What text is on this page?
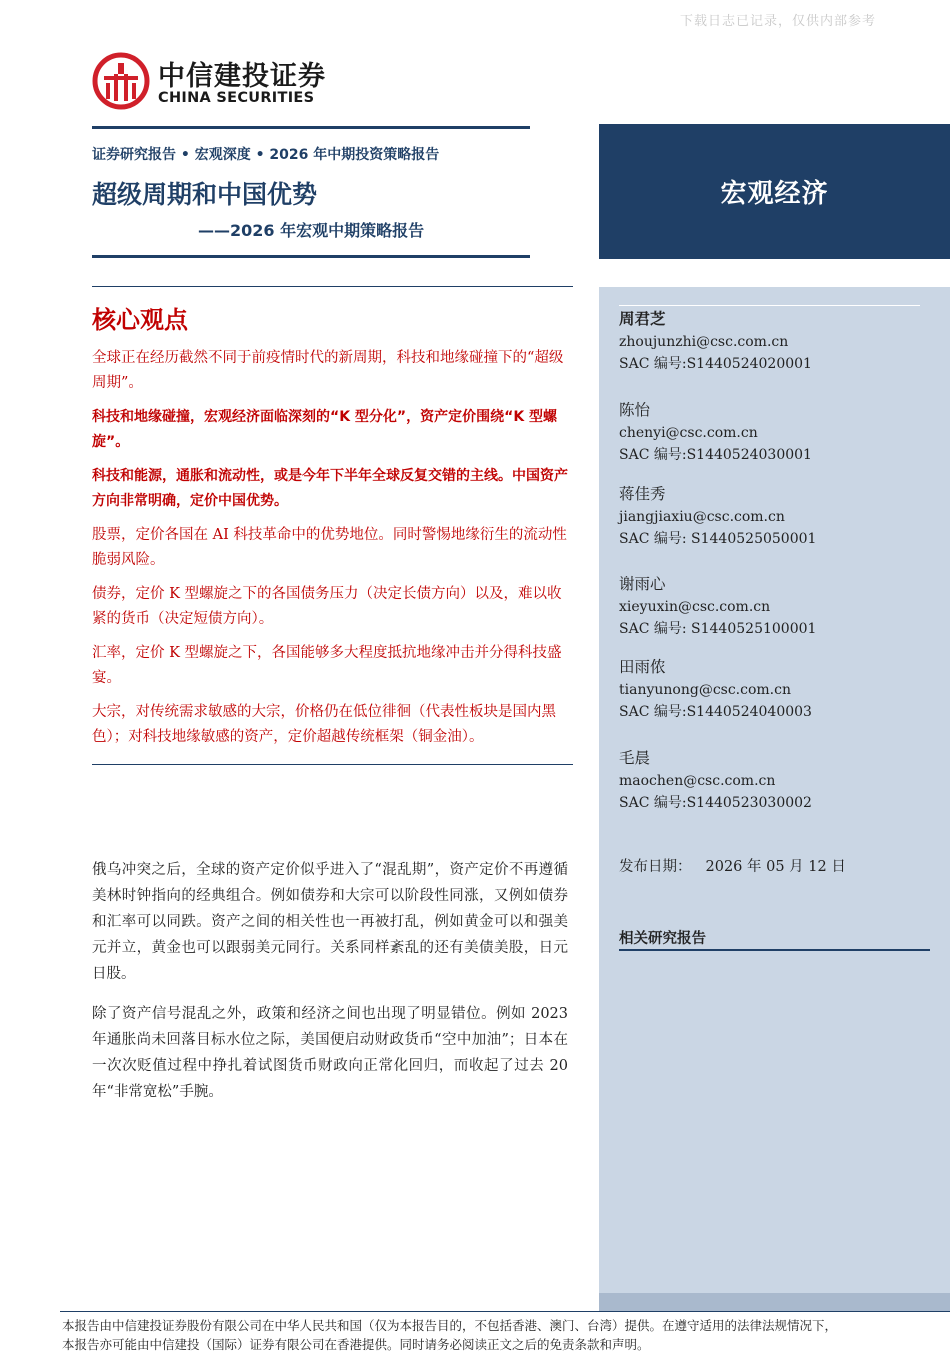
下载日志已记录，仅供内部参考
中信建投证券
CHINA SECURITIES
证券研究报告 • 宏观深度 • 2026 年中期投资策略报告
超级周期和中国优势
——2026 年宏观中期策略报告
宏观经济
核心观点

全球正在经历截然不同于前疫情时代的新周期，科技和地缘碰撞下的“超级周期”。

科技和地缘碰撞，宏观经济面临深刻的“K 型分化”，资产定价围绕“K 型螺旋”。

科技和能源，通胀和流动性，或是今年下半年全球反复交错的主线。中国资产方向非常明确，定价中国优势。

股票，定价各国在 AI 科技革命中的优势地位。同时警惕地缘衍生的流动性脆弱风险。

债券，定价 K 型螺旋之下的各国债务压力（决定长债方向）以及，难以收紧的货币（决定短债方向）。

汇率，定价 K 型螺旋之下，各国能够多大程度抵抗地缘冲击并分得科技盛宴。

大宗，对传统需求敏感的大宗，价格仍在低位徘徊（代表性板块是国内黑色）；对科技地缘敏感的资产，定价超越传统框架（铜金油）。

俄乌冲突之后，全球的资产定价似乎进入了“混乱期”，资产定价不再遵循美林时钟指向的经典组合。例如债券和大宗可以阶段性同涨，又例如债券和汇率可以同跌。资产之间的相关性也一再被打乱，例如黄金可以和强美元并立，黄金也可以跟弱美元同行。关系同样紊乱的还有美债美股，日元日股。

除了资产信号混乱之外，政策和经济之间也出现了明显错位。例如 2023 年通胀尚未回落目标水位之际，美国便启动财政货币“空中加油”；日本在一次次贬值过程中挣扎着试图货币财政向正常化回归，而收起了过去 20 年“非常宽松”手腕。

周君芝

zhoujunzhi@csc.com.cn

SAC 编号:S1440524020001

陈怡

chenyi@csc.com.cn

SAC 编号:S1440524030001

蒋佳秀

jiangjiaxiu@csc.com.cn

SAC 编号: S1440525050001

谢雨心

xieyuxin@csc.com.cn

SAC 编号: S1440525100001

田雨侬

tianyunong@csc.com.cn

SAC 编号:S1440524040003

毛晨

maochen@csc.com.cn

SAC 编号:S1440523030002

发布日期： 2026 年 05 月 12 日
相关研究报告
本报告由中信建投证券股份有限公司在中华人民共和国（仅为本报告目的，不包括香港、澳门、台湾）提供。在遵守适用的法律法规情况下，
本报告亦可能由中信建投（国际）证券有限公司在香港提供。同时请务必阅读正文之后的免责条款和声明。
